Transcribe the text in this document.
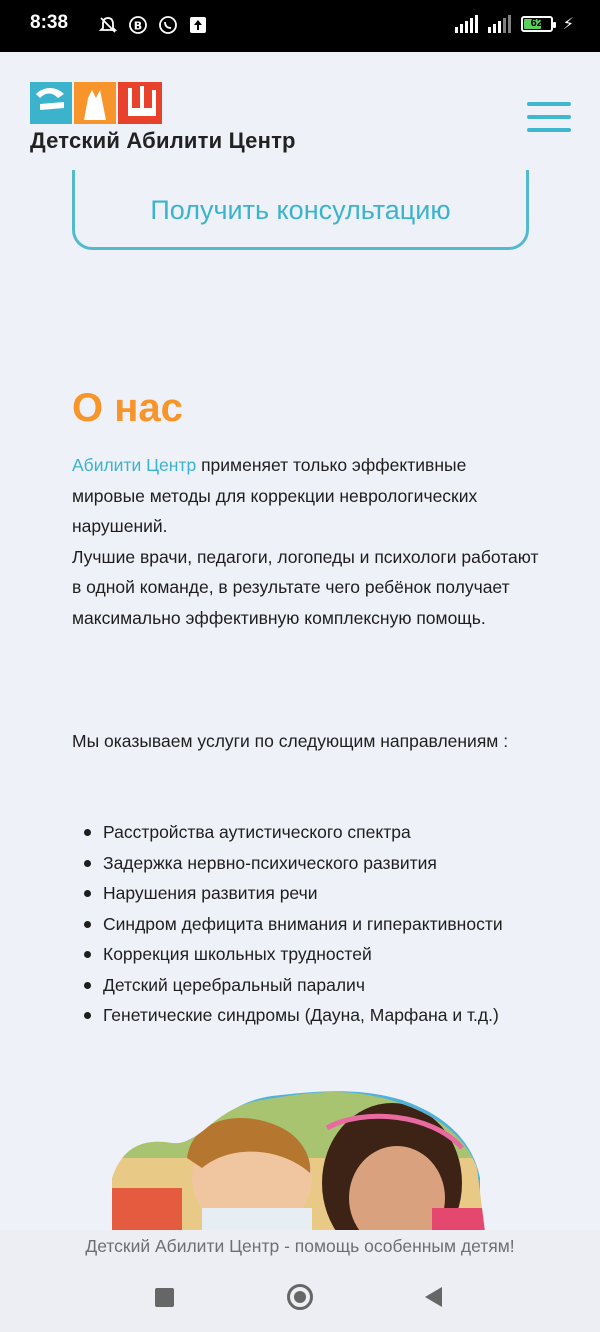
8:38	B	62	⚡
Детский Абилити Центр
Получить консультацию
О нас

Абилити Центр применяет только эффективные мировые методы для коррекции неврологических нарушений.

Лучшие врачи, педагоги, логопеды и психологи работают

в одной команде, в результате чего ребёнок получает максимально эффективную комплексную помощь.

Мы оказываем услуги по следующим направлениям :
Расстройства аутистического спектра
Задержка нервно-психического развития
Нарушения развития речи
Синдром дефицита внимания и гиперактивности
Коррекция школьных трудностей
Детский церебральный паралич
Генетические синдромы (Дауна, Марфана и т.д.)
Детский Абилити Центр - помощь особенным детям!
